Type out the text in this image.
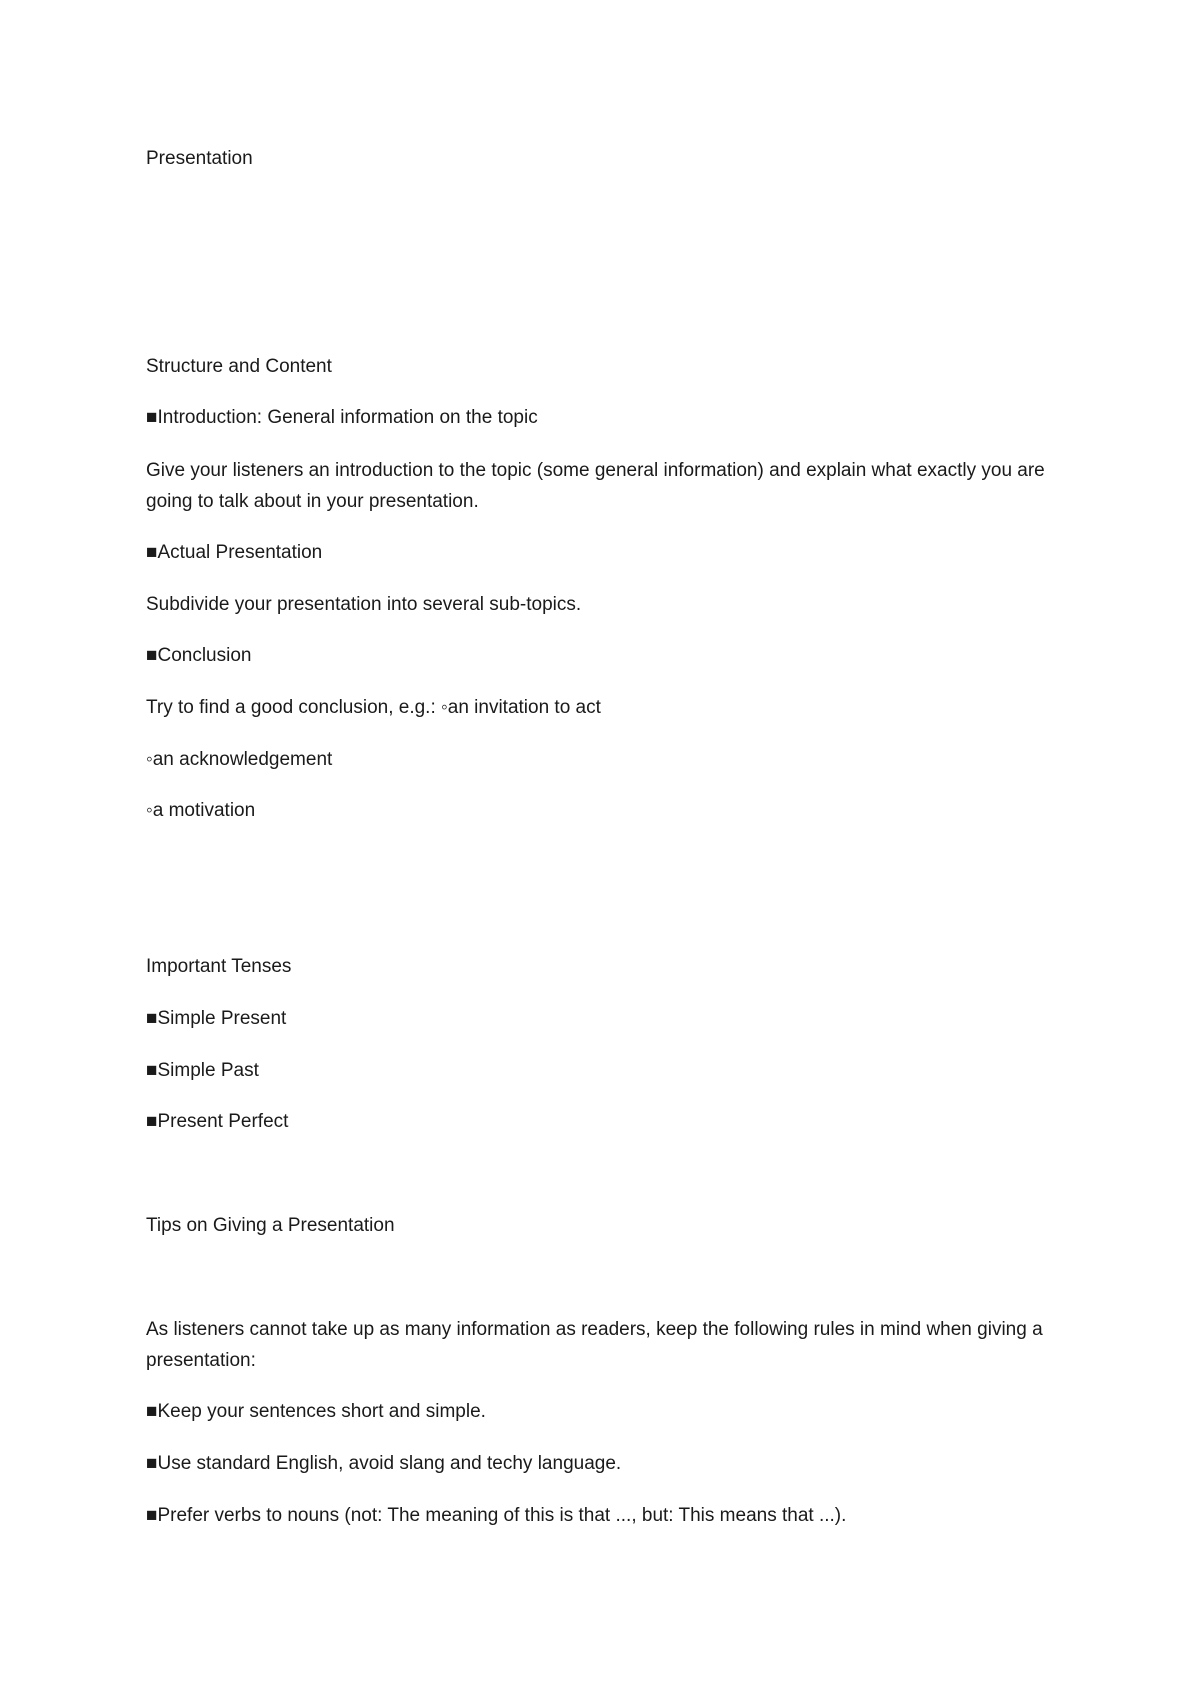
Presentation

Structure and Content

■Introduction: General information on the topic

Give your listeners an introduction to the topic (some general information) and explain what exactly you are going to talk about in your presentation.

■Actual Presentation

Subdivide your presentation into several sub-topics.

■Conclusion

Try to find a good conclusion, e.g.: ◦an invitation to act

◦an acknowledgement

◦a motivation

Important Tenses

■Simple Present

■Simple Past

■Present Perfect

Tips on Giving a Presentation

As listeners cannot take up as many information as readers, keep the following rules in mind when giving a presentation:

■Keep your sentences short and simple.

■Use standard English, avoid slang and techy language.

■Prefer verbs to nouns (not: The meaning of this is that ..., but: This means that ...).
